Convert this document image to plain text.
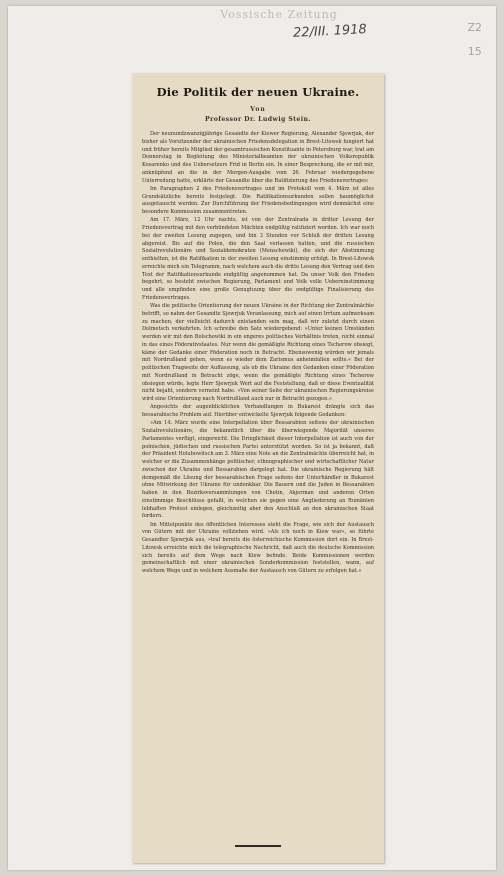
Vossische Zeitung
22/III. 1918	Z2
15
Die Politik der neuen Ukraine.
Von
Professor Dr. Ludwig Stein.

Der neunundzwanzigjährige Gesandte der Kiewer Regierung, Alexander Sjewrjuk, der bisher als Vorsitzender der ukrainischen Friedensdelegation in Brest-Litowsk fungiert hat und früher bereits Mitglied der gesamtrussischen Konstituante in Petersburg war, trat am Donnerstag in Begleitung des Ministerialbeamten der ukrainischen Volksrepublik Kosarenko und des Uebersetzers Frid in Berlin ein. In einer Besprechung, die er mit mir, anknüpfend an die in der Morgen-Ausgabe vom 26. Februar wiedergegebene Unterredung hatte, erklärte der Gesandte über die Ratifizierung des Friedensvertrages:

Im Paragraphen 2 des Friedensvertrages und im Protokoll vom 4. März ist alles Grundsätzliche bereits festgelegt. Die Ratifikationsurkunden sollen baumöglichst ausgetauscht werden. Zur Durchführung der Friedensbedingungen wird demnächst eine besondere Kommission zusammentreten.

Am 17. März, 12 Uhr nachts, ist von der Zentralrada in dritter Lesung der Friedensvertrag mit den verbündeten Mächten endgültig ratifiziert worden. Ich war noch bei der zweiten Lesung zugegen, und bin 3 Stunden vor Schluß der dritten Lesung abgereist. Bis auf die Polen, die den Saal verlassen hatten, und die russischen Sozialrevolutionäre und Sozialdemokraten (Menschewiki), die sich der Abstimmung enthielten, ist die Ratifikation in der zweiten Lesung einstimmig erfolgt. In Brest-Litowsk erreichte mich ein Telegramm, nach welchem auch die dritte Lesung den Vertrag und den Text der Ratifikationsurkunde endgültig angenommen hat. Da unser Volk den Frieden begehrt, so besteht zwischen Regierung, Parlament und Volk volle Uebereinstimmung und alle empfinden eine große Genugtuung über die endgültige Finalisierung des Friedensvertrages.

Was die politische Orientierung der neuen Ukraine in der Richtung der Zentralmächte betrifft, so nahm der Gesandte Sjewrjuk Veranlassung, mich auf einen Irrtum aufmerksam zu machen, der vielleicht dadurch entstanden sein mag, daß wir zuletzt durch einen Dolmetsch verkehrten. Ich schreibe den Satz wiedergebend: »Unter keinen Umständen werden wir mit den Bolschewiki in ein engeres politisches Verhältnis treten, nicht einmal in das eines Föderativstaates. Nur wenn die gemäßigte Richtung eines Tscherow obsiegt, käme der Gedanke einer Föderation noch in Betracht. Ebensowenig würden wir jemals mit Nordrußland gehen, wenn es wieder dem Zarismus anheimfallen sollte.« Bei der politischen Tragweite der Auffassung, als ob die Ukraine den Gedanken einer Föderation mit Nordrußland in Betracht zöge, wenn die gemäßigte Richtung eines Tscherow obsiegen würde, legte Herr Sjewrjuk Wert auf die Feststellung, daß er diese Eventualität nicht bejaht, sondern verneint habe. »Von seiner Seite der ukrainischen Regierungskreise wird eine Orientierung nach Nordrußland auch nur in Betracht gezogen.«

Angesichts der augenblicklichen Verhandlungen in Bukarest drängte sich das bessarabische Problem auf. Hierüber entwickelte Sjewrjuk folgende Gedanken:

»Am 14. März wurde eine Interpellation über Bessarabien seitens der ukrainischen Sozialrevolutionäre, die bekanntlich über die überwiegende Majorität unseres Parlamentes verfügt, eingereicht. Die Dringlichkeit dieser Interpellation ist auch von der polnischen, jüdischen und russischen Partei unterstützt worden. So ist ja bekannt, daß der Präsident Holubowitsch am 3. März eine Note an die Zentralmächte überreicht hat, in welcher er die Zusammenhänge politischer, ethnographischer und wirtschaftlicher Natur zwischen der Ukraine und Bessarabien dargelegt hat. Die ukrainische Regierung hält demgemäß die Lösung der bessarabischen Frage seitens der Unterhändler in Bukarest ohne Mitwirkung der Ukraine für undenkbar. Die Bauern und die Juden in Bessarabien haben in den Bezirksversammlungen von Chotin, Akjerman und anderen Orten einstimmige Beschlüsse gefaßt, in welchen sie gegen eine Angliederung an Rumänien lebhaften Protest einlegen, gleichzeitig aber den Anschluß an den ukrainischen Staat fordern.

Im Mittelpunkte des öffentlichen Interesses steht die Frage, wie sich der Austausch von Gütern mit der Ukraine vollziehen wird. »Als ich noch in Kiew war«, so führte Gesandter Sjewrjuk aus, »traf bereits die österreichische Kommission dort ein. In Brest-Litowsk erreichte mich die telegraphische Nachricht, daß auch die deutsche Kommission sich bereits auf dem Wege nach Kiew befinde. Beide Kommissionen werden gemeinschaftlich mit einer ukrainischen Sonderkommission feststellen, wann, auf welchem Wege und in welchem Ausmaße der Austausch von Gütern zu erfolgen hat.«
